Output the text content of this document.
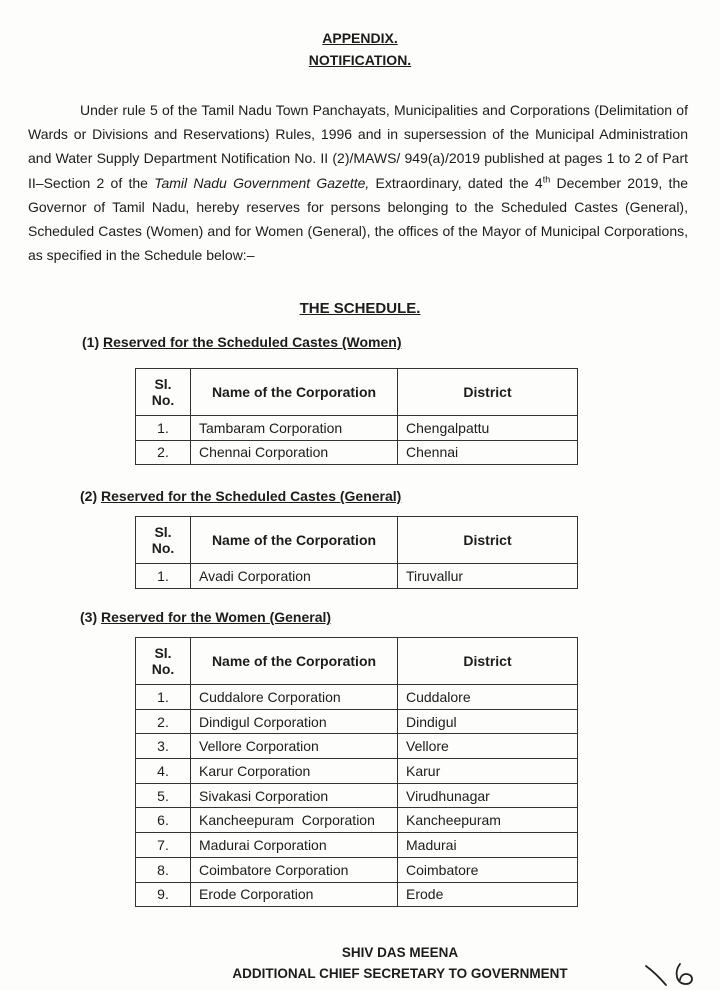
APPENDIX.
NOTIFICATION.
Under rule 5 of the Tamil Nadu Town Panchayats, Municipalities and Corporations (Delimitation of Wards or Divisions and Reservations) Rules, 1996 and in supersession of the Municipal Administration and Water Supply Department Notification No. II (2)/MAWS/ 949(a)/2019 published at pages 1 to 2 of Part II–Section 2 of the Tamil Nadu Government Gazette, Extraordinary, dated the 4th December 2019, the Governor of Tamil Nadu, hereby reserves for persons belonging to the Scheduled Castes (General), Scheduled Castes (Women) and for Women (General), the offices of the Mayor of Municipal Corporations, as specified in the Schedule below:–
THE SCHEDULE.
(1) Reserved for the Scheduled Castes (Women)
Sl.
No.	Name of the Corporation	District
1.	Tambaram Corporation	Chengalpattu
2.	Chennai Corporation	Chennai
(2) Reserved for the Scheduled Castes (General)
Sl.
No.	Name of the Corporation	District
1.	Avadi Corporation	Tiruvallur
(3) Reserved for the Women (General)
Sl.
No.	Name of the Corporation	District
1.	Cuddalore Corporation	Cuddalore
2.	Dindigul Corporation	Dindigul
3.	Vellore Corporation	Vellore
4.	Karur Corporation	Karur
5.	Sivakasi Corporation	Virudhunagar
6.	Kancheepuram  Corporation	Kancheepuram
7.	Madurai Corporation	Madurai
8.	Coimbatore Corporation	Coimbatore
9.	Erode Corporation	Erode
SHIV DAS MEENA
ADDITIONAL CHIEF SECRETARY TO GOVERNMENT
